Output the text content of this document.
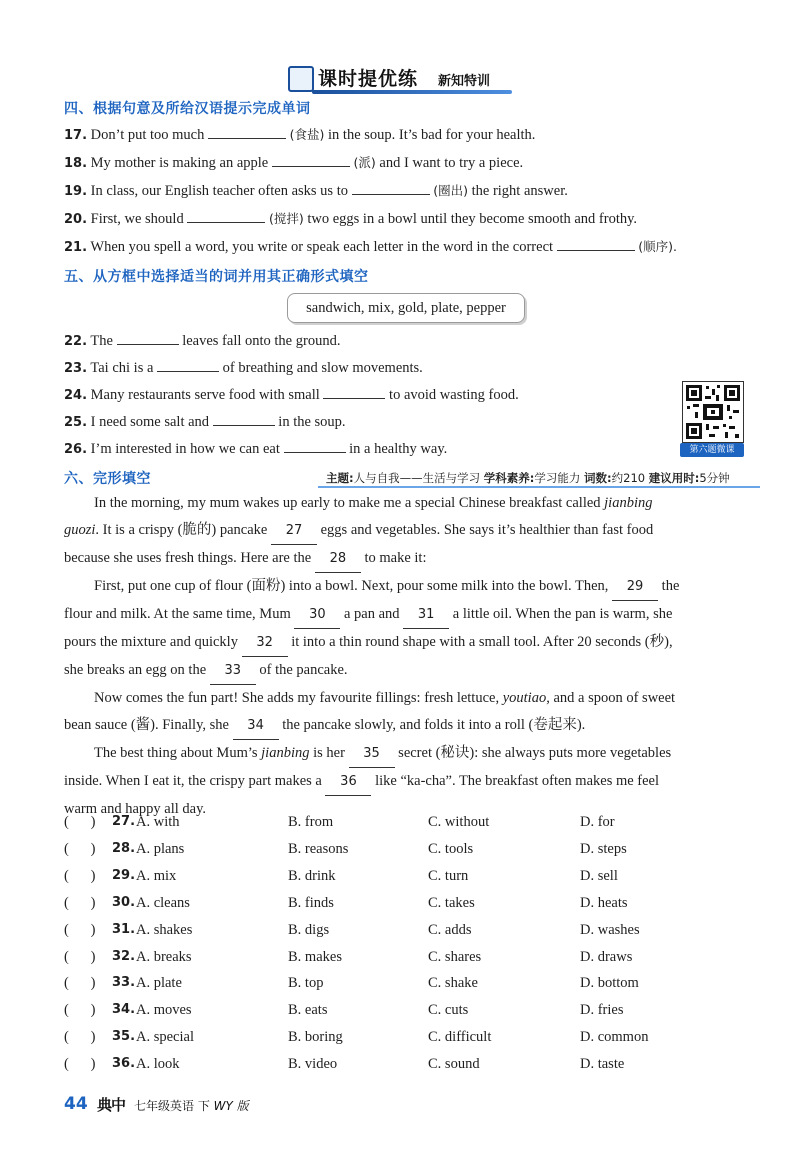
课时提优练 新知特训
四、根据句意及所给汉语提示完成单词
17. Don’t put too much	(食盐) in the soup. It’s bad for your health.
18. My mother is making an apple	(派) and I want to try a piece.
19. In class, our English teacher often asks us to	(圈出) the right answer.
20. First, we should	(搅拌) two eggs in a bowl until they become smooth and frothy.
21. When you spell a word, you write or speak each letter in the word in the correct	(顺序).
五、从方框中选择适当的词并用其正确形式填空
sandwich, mix, gold, plate, pepper
22. The	leaves fall onto the ground.
23. Tai chi is a	of breathing and slow movements.
24. Many restaurants serve food with small	to avoid wasting food.
25. I need some salt and	in the soup.
26. I’m interested in how we can eat	in a healthy way.	第六题微课
六、完形填空	主题:人与自我——生活与学习 学科素养:学习能力 词数:约210 建议用时:5分钟
In the morning, my mum wakes up early to make me a special Chinese breakfast called jianbing
guozi. It is a crispy (脆的) pancake 27 eggs and vegetables. She says it’s healthier than fast food
because she uses fresh things. Here are the 28 to make it:
First, put one cup of flour (面粉) into a bowl. Next, pour some milk into the bowl. Then, 29 the
flour and milk. At the same time, Mum 30 a pan and 31 a little oil. When the pan is warm, she
pours the mixture and quickly 32 it into a thin round shape with a small tool. After 20 seconds (秒),
she breaks an egg on the 33 of the pancake.
Now comes the fun part! She adds my favourite fillings: fresh lettuce, youtiao, and a spoon of sweet
bean sauce (酱). Finally, she 34 the pancake slowly, and folds it into a roll (卷起来).
The best thing about Mum’s jianbing is her 35 secret (秘诀): she always puts more vegetables
inside. When I eat it, the crispy part makes a 36 like “ka-cha”. The breakfast often makes me feel
warm and happy all day.
(      ) 27. A. with	B. from	C. without	D. for
(      ) 28. A. plans	B. reasons	C. tools	D. steps
(      ) 29. A. mix	B. drink	C. turn	D. sell
(      ) 30. A. cleans	B. finds	C. takes	D. heats
(      ) 31. A. shakes	B. digs	C. adds	D. washes
(      ) 32. A. breaks	B. makes	C. shares	D. draws
(      ) 33. A. plate	B. top	C. shake	D. bottom
(      ) 34. A. moves	B. eats	C. cuts	D. fries
(      ) 35. A. special	B. boring	C. difficult	D. common
(      ) 36. A. look	B. video	C. sound	D. taste
44 典中 七年级英语 下 WY 版
